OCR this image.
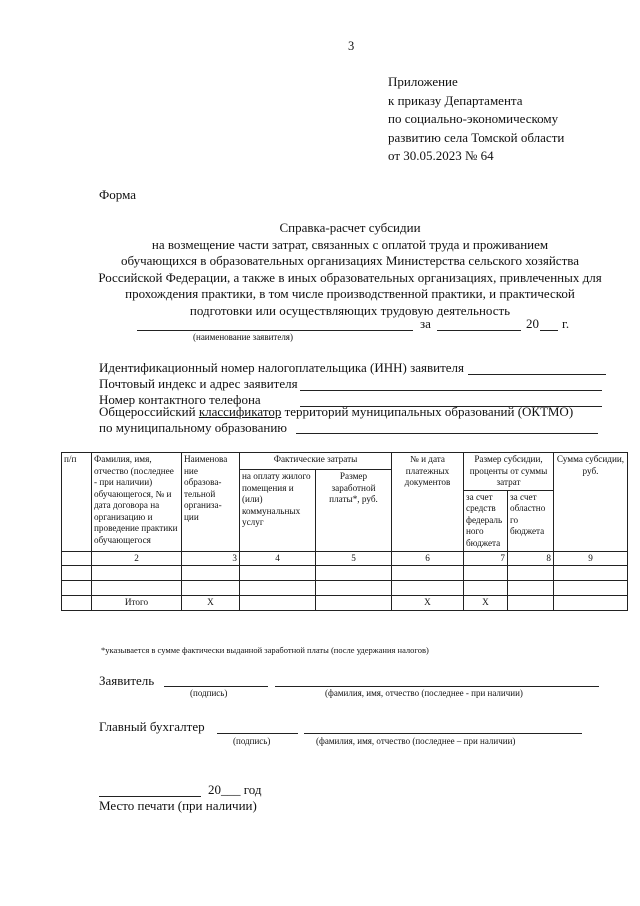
3
Приложение
к приказу Департамента
по социально-экономическому
развитию села Томской области
от 30.05.2023 № 64
Форма
Справка-расчет субсидии
на возмещение части затрат, связанных с оплатой труда и проживанием
обучающихся в образовательных организациях Министерства сельского хозяйства
Российской Федерации, а также в иных образовательных организациях, привлеченных для
прохождения практики, в том числе производственной практики, и практической
подготовки или осуществляющих трудовую деятельность
за	20 г.
(наименование заявителя)
Идентификационный номер налогоплательщика (ИНН) заявителя
Почтовый индекс и адрес заявителя
Номер контактного телефона
Общероссийский классификатор территорий муниципальных образований (ОКТМО)
по муниципальному образованию
п/п	Фамилия, имя, отчество (последнее - при наличии) обучающегося, № и дата договора на организацию и проведение практики обучающегося	Наименова ние образова- тельной организа- ции	Фактические затраты		№ и дата платежных документов	Размер субсидии, проценты от суммы затрат		Сумма субсидии, руб.
			на оплату жилого помещения и (или) коммунальных услуг	Размер заработной платы*, руб.				
						за счет средств федераль ного бюджета	за счет областно го бюджета	
	2	3	4	5	6	7	8	9

	Итого	X			X	X		
*указывается в сумме фактически выданной заработной платы (после удержания налогов)
Заявитель
(подпись)	(фамилия, имя, отчество (последнее - при наличии)
Главный бухгалтер
(подпись)	(фамилия, имя, отчество (последнее – при наличии)
20___ год
Место печати (при наличии)
